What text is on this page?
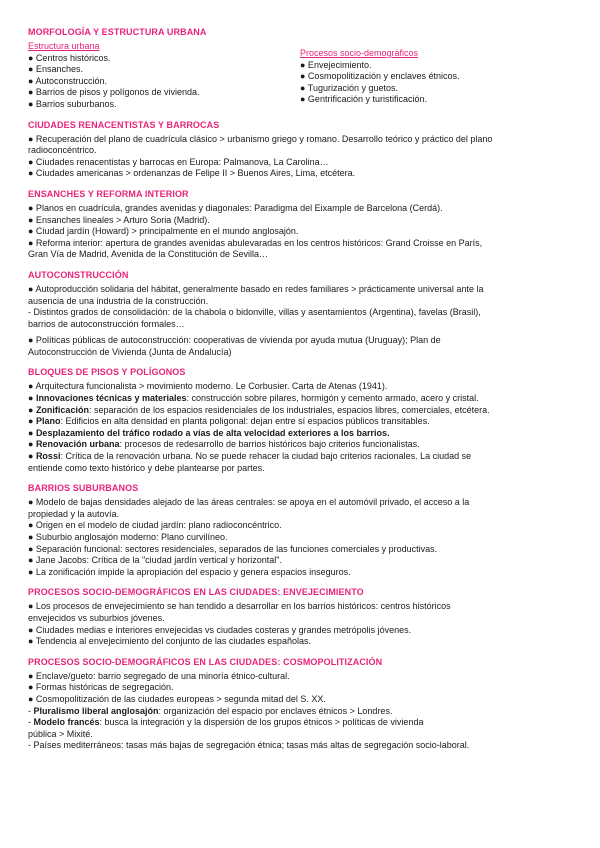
MORFOLOGÍA Y ESTRUCTURA URBANA
Estructura urbana
● Centros históricos.
● Ensanches.
● Autoconstrucción.
● Barrios de pisos y polígonos de vivienda.
● Barrios suburbanos.
Procesos socio-demográficos
● Envejecimiento.
● Cosmopolitización y enclaves étnicos.
● Tugurización y guetos.
● Gentrificación y turistificación.
CIUDADES RENACENTISTAS Y BARROCAS
● Recuperación del plano de cuadrícula clásico > urbanismo griego y romano. Desarrollo teórico y práctico del plano
radioconcéntrico.
● Ciudades renacentistas y barrocas en Europa: Palmanova, La Carolina…
● Ciudades americanas > ordenanzas de Felipe II > Buenos Aires, Lima, etcétera.
ENSANCHES Y REFORMA INTERIOR
● Planos en cuadrícula, grandes avenidas y diagonales: Paradigma del Eixample de Barcelona (Cerdá).
● Ensanches lineales > Arturo Soria (Madrid).
● Ciudad jardín (Howard) > principalmente en el mundo anglosajón.
● Reforma interior: apertura de grandes avenidas abulevaradas en los centros históricos: Grand Croisse en París,
Gran Vía de Madrid, Avenida de la Constitución de Sevilla…
AUTOCONSTRUCCIÓN
● Autoproducción solidaria del hábitat, generalmente basado en redes familiares > prácticamente universal ante la
ausencia de una industria de la construcción.
- Distintos grados de consolidación: de la chabola o bidonville, villas y asentamientos (Argentina), favelas (Brasil),
barrios de autoconstrucción formales…
● Políticas públicas de autoconstrucción: cooperativas de vivienda por ayuda mutua (Uruguay); Plan de
Autoconstrucción de Vivienda (Junta de Andalucía)
BLOQUES DE PISOS Y POLÍGONOS
● Arquitectura funcionalista > movimiento moderno. Le Corbusier. Carta de Atenas (1941).
● Innovaciones técnicas y materiales: construcción sobre pilares, hormigón y cemento armado, acero y cristal.
● Zonificación: separación de los espacios residenciales de los industriales, espacios libres, comerciales, etcétera.
● Plano: Edificios en alta densidad en planta poligonal: dejan entre sí espacios públicos transitables.
● Desplazamiento del tráfico rodado a vías de alta velocidad exteriores a los barrios.
● Renovación urbana: procesos de redesarrollo de barrios históricos bajo criterios funcionalistas.
● Rossi: Crítica de la renovación urbana. No se puede rehacer la ciudad bajo criterios racionales. La ciudad se
entiende como texto histórico y debe plantearse por partes.
BARRIOS SUBURBANOS
● Modelo de bajas densidades alejado de las áreas centrales: se apoya en el automóvil privado, el acceso a la
propiedad y la autovía.
● Origen en el modelo de ciudad jardín: plano radioconcéntrico.
● Suburbio anglosajón moderno: Plano curvilíneo.
● Separación funcional: sectores residenciales, separados de las funciones comerciales y productivas.
● Jane Jacobs: Crítica de la "ciudad jardín vertical y horizontal".
● La zonificación impide la apropiación del espacio y genera espacios inseguros.
PROCESOS SOCIO-DEMOGRÁFICOS EN LAS CIUDADES: ENVEJECIMIENTO
● Los procesos de envejecimiento se han tendido a desarrollar en los barrios históricos: centros históricos
envejecidos vs suburbios jóvenes.
● Ciudades medias e interiores envejecidas vs ciudades costeras y grandes metrópolis jóvenes.
● Tendencia al envejecimiento del conjunto de las ciudades españolas.
PROCESOS SOCIO-DEMOGRÁFICOS EN LAS CIUDADES: COSMOPOLITIZACIÓN
● Enclave/gueto: barrio segregado de una minoría étnico-cultural.
● Formas históricas de segregación.
● Cosmopolitización de las ciudades europeas > segunda mitad del S. XX.
- Pluralismo liberal anglosajón: organización del espacio por enclaves étnicos > Londres.
- Modelo francés: busca la integración y la dispersión de los grupos étnicos > políticas de vivienda
pública > Mixité.
- Países mediterráneos: tasas más bajas de segregación étnica; tasas más altas de segregación socio-laboral.
